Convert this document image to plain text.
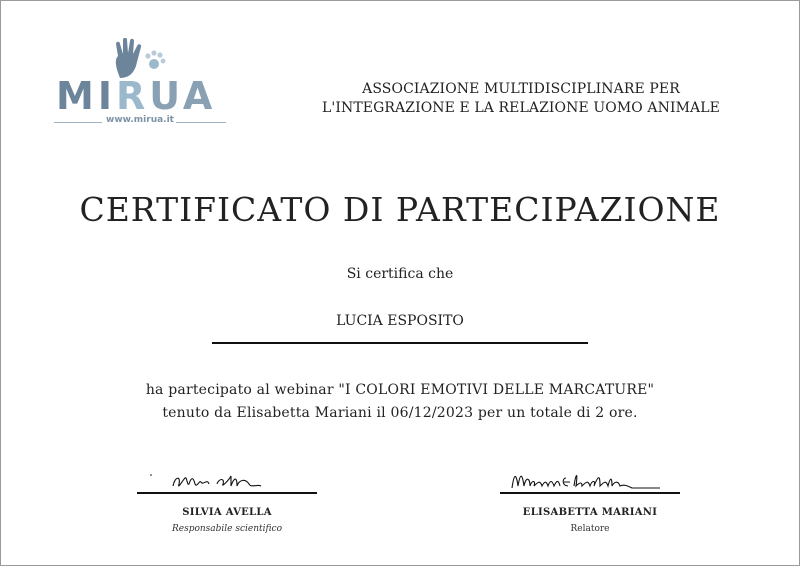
MIRUA
www.mirua.it
ASSOCIAZIONE MULTIDISCIPLINARE PER
L'INTEGRAZIONE E LA RELAZIONE UOMO ANIMALE
CERTIFICATO DI PARTECIPAZIONE
Si certifica che
LUCIA ESPOSITO
ha partecipato al webinar "I COLORI EMOTIVI DELLE MARCATURE"
tenuto da Elisabetta Mariani il 06/12/2023 per un totale di 2 ore.
SILVIA AVELLA
Responsabile scientifico
ELISABETTA MARIANI
Relatore
